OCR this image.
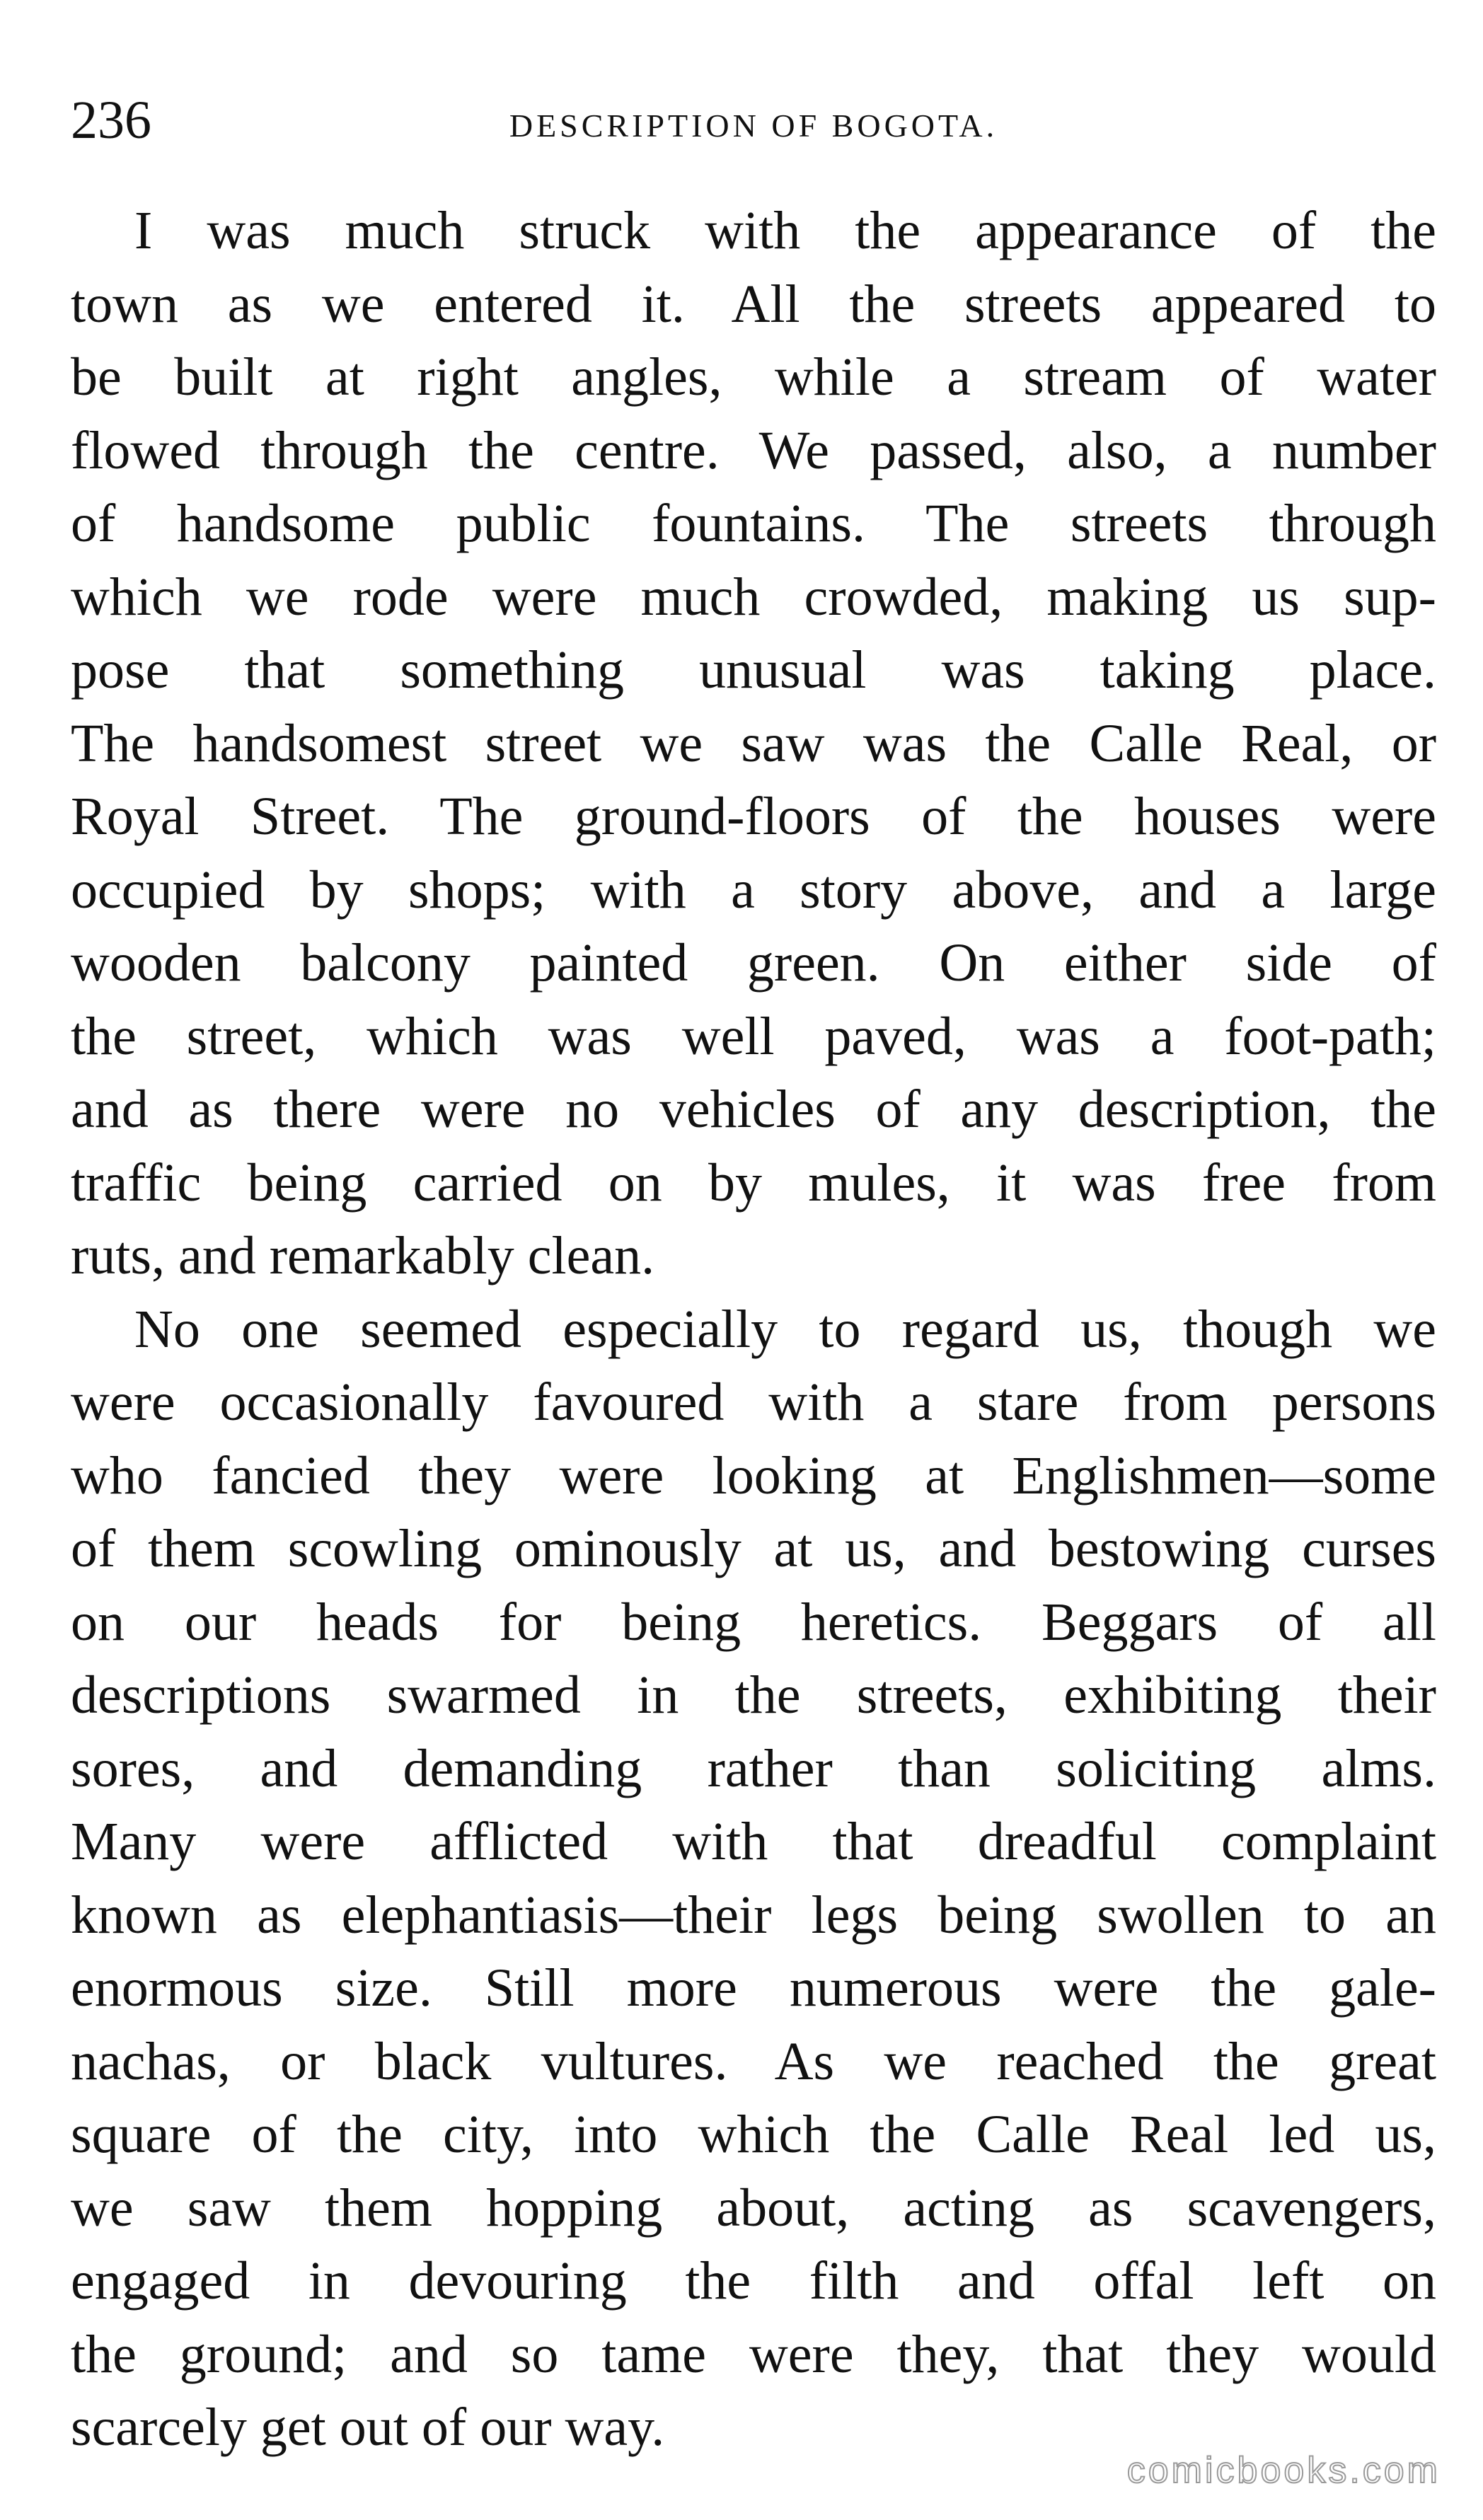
236	DESCRIPTION OF BOGOTA.
I was much struck with the appearance of the
town as we entered it. All the streets appeared to
be built at right angles, while a stream of water
flowed through the centre. We passed, also, a number
of handsome public fountains. The streets through
which we rode were much crowded, making us sup-
pose that something unusual was taking place.
The handsomest street we saw was the Calle Real, or
Royal Street. The ground-floors of the houses were
occupied by shops; with a story above, and a large
wooden balcony painted green. On either side of
the street, which was well paved, was a foot-path;
and as there were no vehicles of any description, the
traffic being carried on by mules, it was free from
ruts, and remarkably clean.
No one seemed especially to regard us, though we
were occasionally favoured with a stare from persons
who fancied they were looking at Englishmen—some
of them scowling ominously at us, and bestowing curses
on our heads for being heretics. Beggars of all
descriptions swarmed in the streets, exhibiting their
sores, and demanding rather than soliciting alms.
Many were afflicted with that dreadful complaint
known as elephantiasis—their legs being swollen to an
enormous size. Still more numerous were the gale-
nachas, or black vultures. As we reached the great
square of the city, into which the Calle Real led us,
we saw them hopping about, acting as scavengers,
engaged in devouring the filth and offal left on
the ground; and so tame were they, that they would
scarcely get out of our way.
comicbooks.com
